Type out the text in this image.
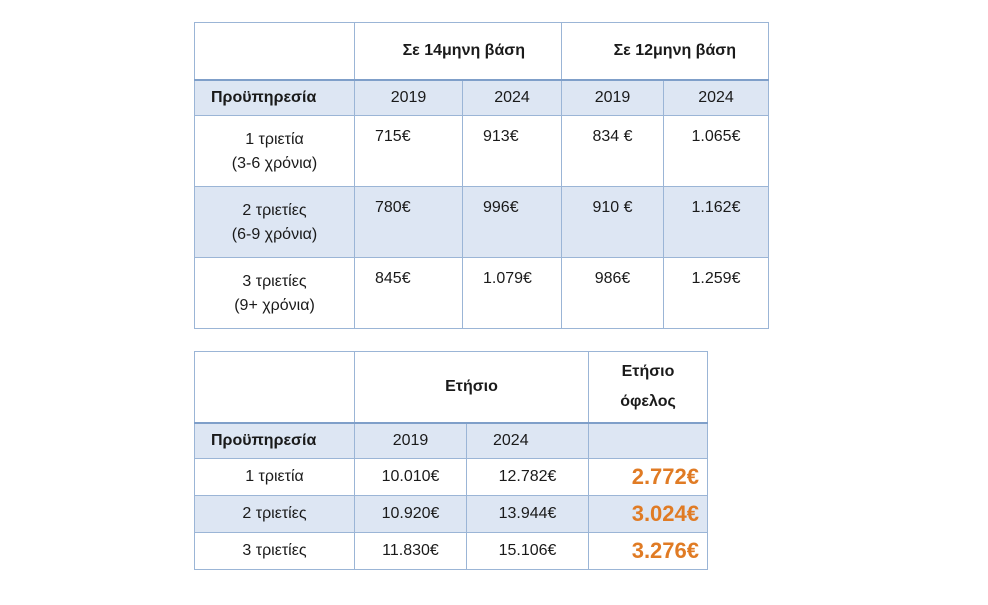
	Σε 14μηνη βάση		Σε 12μηνη βάση	
Προϋπηρεσία	2019	2024	2019	2024

1 τριετία
(3-6 χρόνια)	715€	913€	834 €	1.065€

2 τριετίες
(6-9 χρόνια)	780€	996€	910 €	1.162€

3 τριετίες
(9+ χρόνια)	845€	1.079€	986€	1.259€
	Ετήσιο		Ετήσιο
όφελος

Προϋπηρεσία	2019	2024	
1 τριετία	10.010€	12.782€	2.772€
2 τριετίες	10.920€	13.944€	3.024€
3 τριετίες	11.830€	15.106€	3.276€
